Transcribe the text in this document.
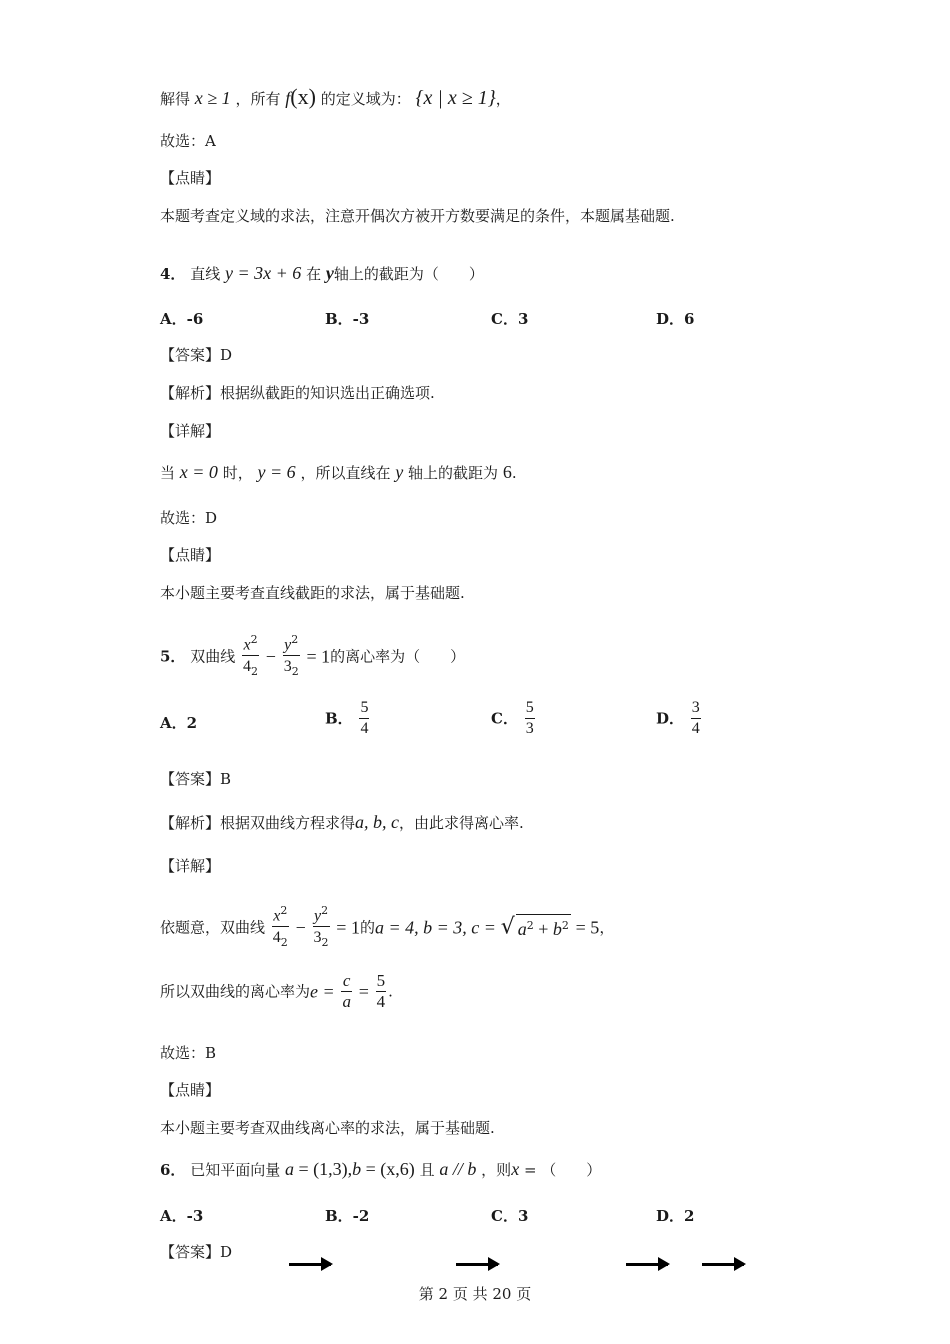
解得 x ≥ 1 ，所有 f(x) 的定义域为： {x | x ≥ 1}，
故选：A
【点睛】
本题考查定义域的求法，注意开偶次方被开方数要满足的条件，本题属基础题.
4． 直线 y = 3x + 6 在 y轴上的截距为（　　）
A．-6	B．-3	C．3	D．6
【答案】D
【解析】根据纵截距的知识选出正确选项.
【详解】
当 x = 0 时， y = 6 ，所以直线在 y 轴上的截距为 6.
故选：D
【点睛】
本小题主要考查直线截距的求法，属于基础题.
5． 双曲线 $\frac{x^2}{4_2} - \frac{y^2}{3_2} = 1$的离心率为（　　）
A．2	B． $\frac{5}{4}$	C． $\frac{5}{3}$	D． $\frac{3}{4}$
【答案】B
【解析】根据双曲线方程求得a, b, c，由此求得离心率.
【详解】
依题意，双曲线 $\frac{x^2}{4_2} - \frac{y^2}{3_2} = 1$的a = 4, b = 3, c = √ $a^2 + b^2 = 5$，
所以双曲线的离心率为$e = \frac{c}{a} = \frac{5}{4}$ .
故选：B
【点睛】
本小题主要考查双曲线离心率的求法，属于基础题.
6． 已知平面向量 a = (1,3),b = (x,6) 且 a // b ，则x = （　　）
A．-3	B．-2	C．3	D．2
【答案】D
第 2 页 共 20 页
